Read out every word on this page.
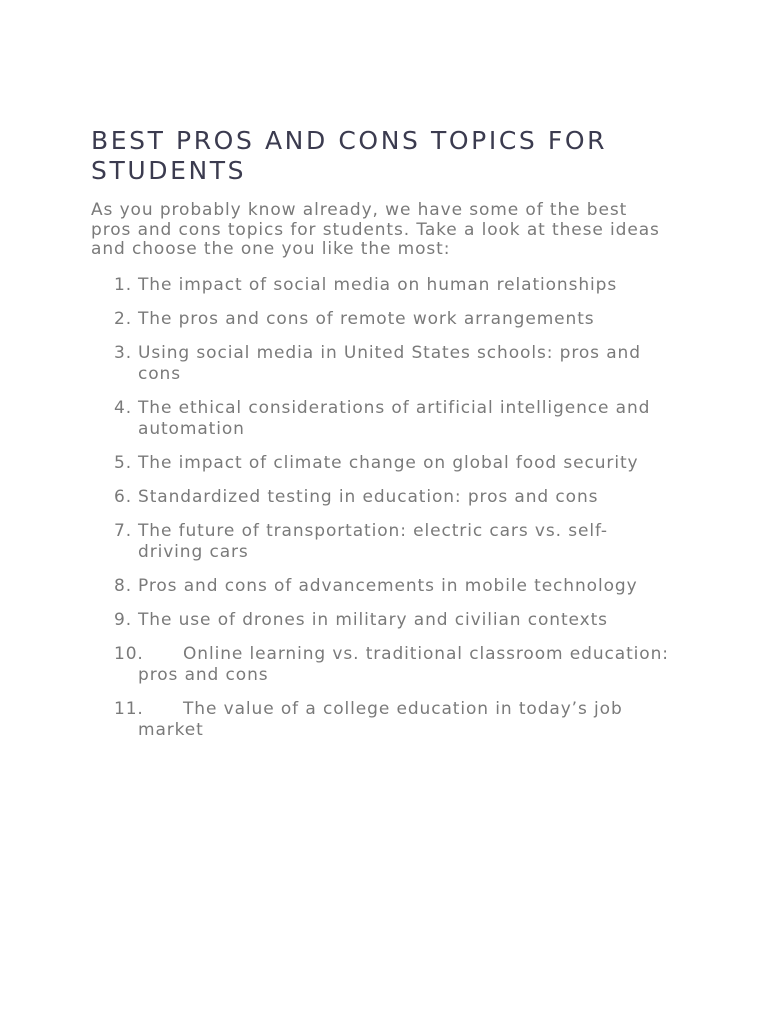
BEST PROS AND CONS TOPICS FOR STUDENTS

As you probably know already, we have some of the best pros and cons topics for students. Take a look at these ideas and choose the one you like the most:

1. The impact of social media on human relationships
2. The pros and cons of remote work arrangements
3. Using social media in United States schools: pros and cons
4. The ethical considerations of artificial intelligence and automation
5. The impact of climate change on global food security
6. Standardized testing in education: pros and cons
7. The future of transportation: electric cars vs. self-driving cars
8. Pros and cons of advancements in mobile technology
9. The use of drones in military and civilian contexts
10.	Online learning vs. traditional classroom education: pros and cons
11.	The value of a college education in today’s job market
